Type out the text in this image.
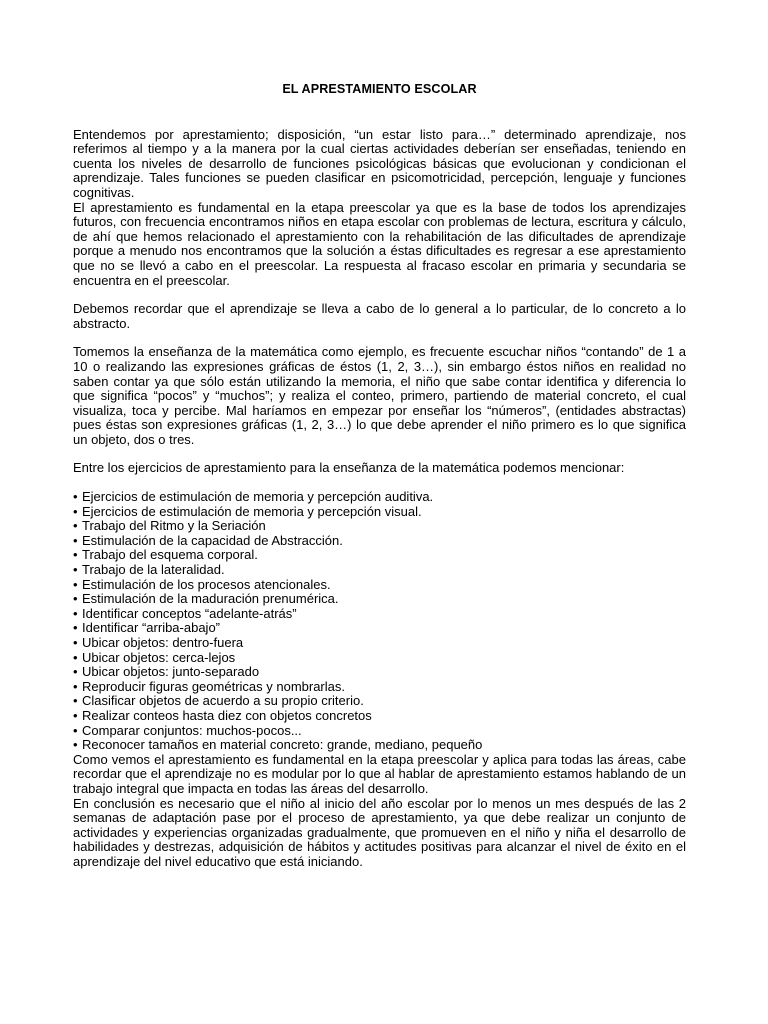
EL APRESTAMIENTO ESCOLAR

Entendemos por aprestamiento; disposición, “un estar listo para…” determinado aprendizaje, nos referimos al tiempo y a la manera por la cual ciertas actividades deberían ser enseñadas, teniendo en cuenta los niveles de desarrollo de funciones psicológicas básicas que evolucionan y condicionan el aprendizaje. Tales funciones se pueden clasificar en psicomotricidad, percepción, lenguaje y funciones cognitivas.

El aprestamiento es fundamental en la etapa preescolar ya que es la base de todos los aprendizajes futuros, con frecuencia encontramos niños en etapa escolar con problemas de lectura, escritura y cálculo, de ahí que hemos relacionado el aprestamiento con la rehabilitación de las dificultades de aprendizaje porque a menudo nos encontramos que la solución a éstas dificultades es regresar a ese aprestamiento que no se llevó a cabo en el preescolar. La respuesta al fracaso escolar en primaria y secundaria se encuentra en el preescolar.

Debemos recordar que el aprendizaje se lleva a cabo de lo general a lo particular, de lo concreto a lo abstracto.

Tomemos la enseñanza de la matemática como ejemplo, es frecuente escuchar niños “contando” de 1 a 10 o realizando las expresiones gráficas de éstos (1, 2, 3…), sin embargo éstos niños en realidad no saben contar ya que sólo están utilizando la memoria, el niño que sabe contar identifica y diferencia lo que significa “pocos” y “muchos”; y realiza el conteo, primero, partiendo de material concreto, el cual visualiza, toca y percibe. Mal haríamos en empezar por enseñar los “números”, (entidades abstractas) pues éstas son expresiones gráficas (1, 2, 3…) lo que debe aprender el niño primero es lo que significa un objeto, dos o tres.

Entre los ejercicios de aprestamiento para la enseñanza de la matemática podemos mencionar:

• Ejercicios de estimulación de memoria y percepción auditiva.
• Ejercicios de estimulación de memoria y percepción visual.
• Trabajo del Ritmo y la Seriación
• Estimulación de la capacidad de Abstracción.
• Trabajo del esquema corporal.
• Trabajo de la lateralidad.
• Estimulación de los procesos atencionales.
• Estimulación de la maduración prenumérica.
• Identificar conceptos “adelante-atrás”
• Identificar “arriba-abajo”
• Ubicar objetos: dentro-fuera
• Ubicar objetos: cerca-lejos
• Ubicar objetos: junto-separado
• Reproducir figuras geométricas y nombrarlas.
• Clasificar objetos de acuerdo a su propio criterio.
• Realizar conteos hasta diez con objetos concretos
• Comparar conjuntos: muchos-pocos...
• Reconocer tamaños en material concreto: grande, mediano, pequeño

Como vemos el aprestamiento es fundamental en la etapa preescolar y aplica para todas las áreas, cabe recordar que el aprendizaje no es modular por lo que al hablar de aprestamiento estamos hablando de un trabajo integral que impacta en todas las áreas del desarrollo.

En conclusión es necesario que el niño al inicio del año escolar por lo menos un mes después de las 2 semanas de adaptación pase por el proceso de aprestamiento, ya que debe realizar un conjunto de actividades y experiencias organizadas gradualmente, que promueven en el niño y niña el desarrollo de habilidades y destrezas, adquisición de hábitos y actitudes positivas para alcanzar el nivel de éxito en el aprendizaje del nivel educativo que está iniciando.
